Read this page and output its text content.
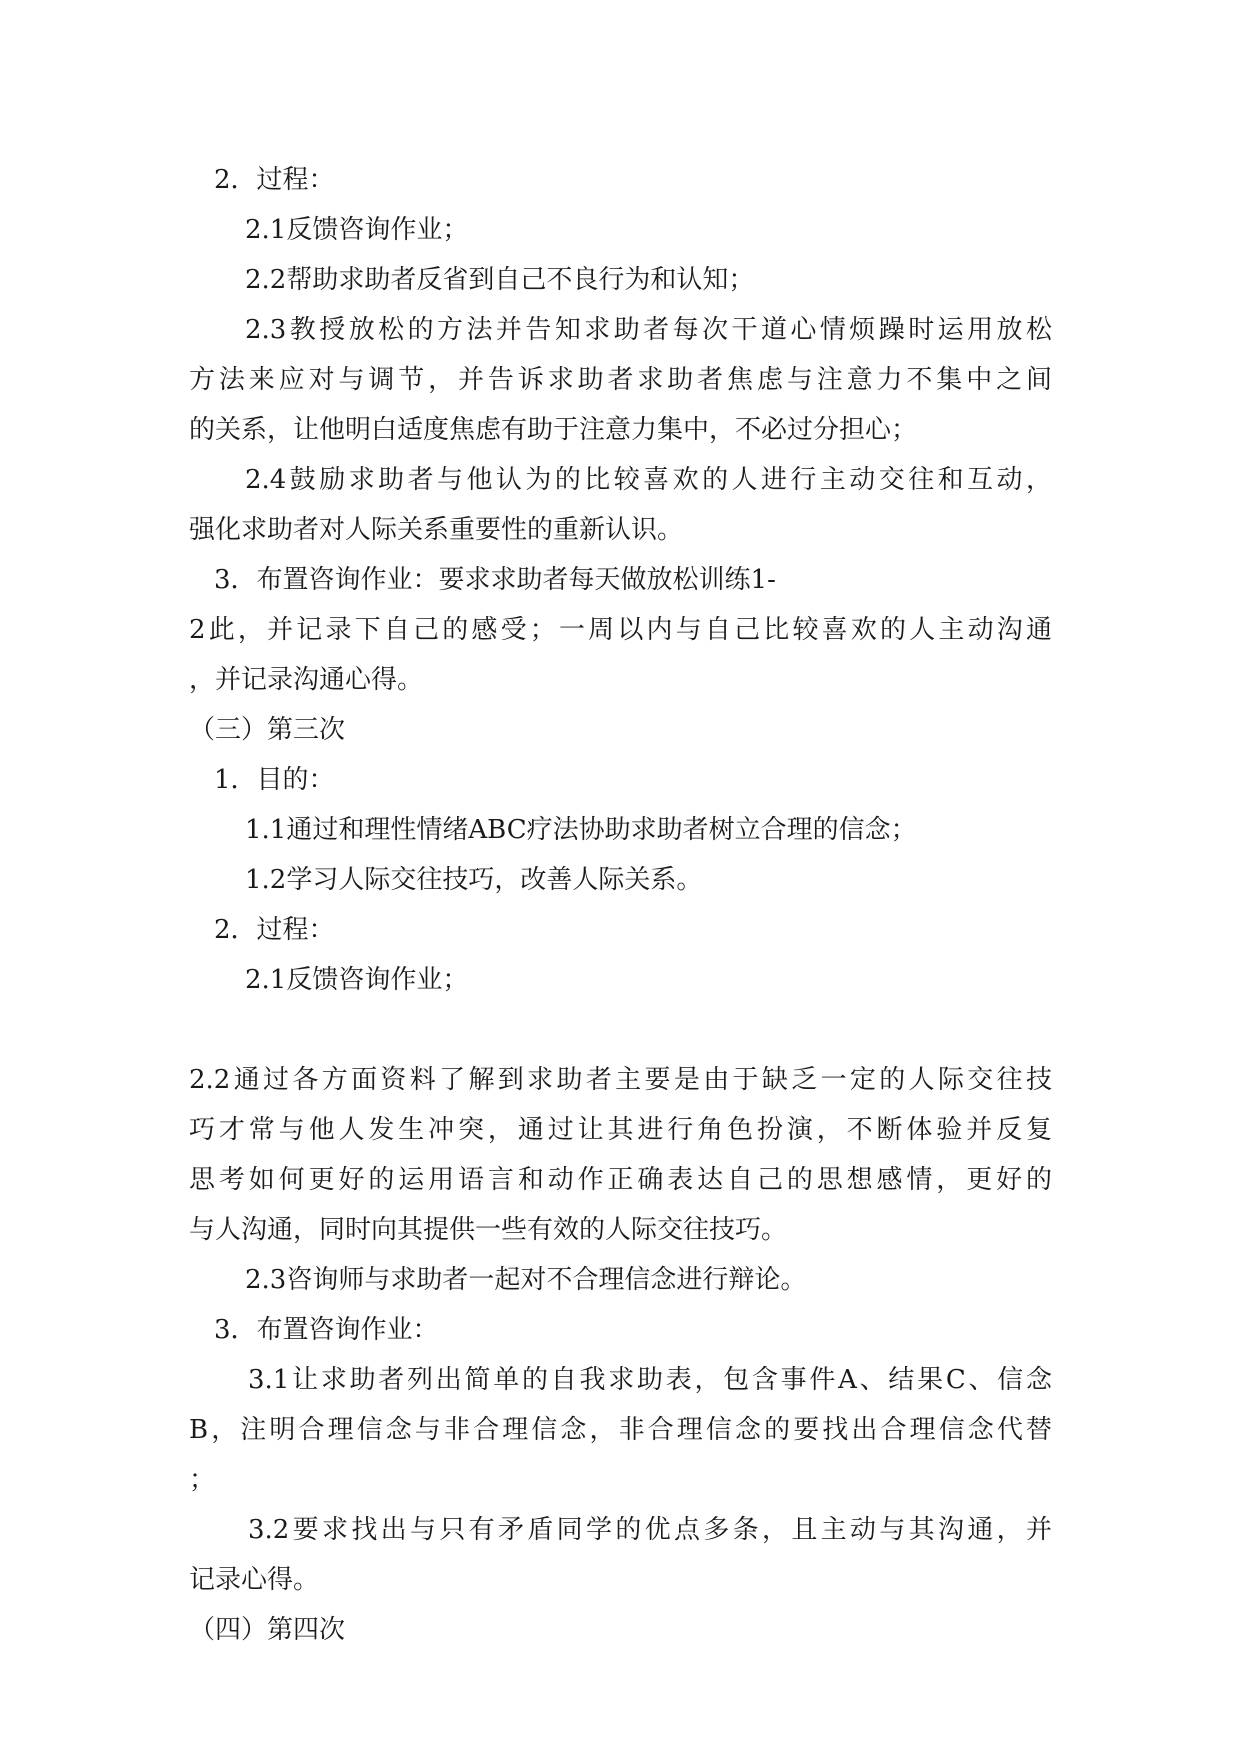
2．过程：
2.1反馈咨询作业；
2.2帮助求助者反省到自己不良行为和认知；
2.3教授放松的方法并告知求助者每次干道心情烦躁时运用放松
方法来应对与调节，并告诉求助者求助者焦虑与注意力不集中之间
的关系，让他明白适度焦虑有助于注意力集中，不必过分担心；
2.4鼓励求助者与他认为的比较喜欢的人进行主动交往和互动，
强化求助者对人际关系重要性的重新认识。
3．布置咨询作业：要求求助者每天做放松训练1-
2此，并记录下自己的感受；一周以内与自己比较喜欢的人主动沟通
，并记录沟通心得。
（三）第三次
1．目的：
1.1通过和理性情绪ABC疗法协助求助者树立合理的信念；
1.2学习人际交往技巧，改善人际关系。
2．过程：
2.1反馈咨询作业；
2.2通过各方面资料了解到求助者主要是由于缺乏一定的人际交往技
巧才常与他人发生冲突，通过让其进行角色扮演，不断体验并反复
思考如何更好的运用语言和动作正确表达自己的思想感情，更好的
与人沟通，同时向其提供一些有效的人际交往技巧。
2.3咨询师与求助者一起对不合理信念进行辩论。
3．布置咨询作业：
3.1让求助者列出简单的自我求助表，包含事件A、结果C、信念
B，注明合理信念与非合理信念，非合理信念的要找出合理信念代替
；
3.2要求找出与只有矛盾同学的优点多条，且主动与其沟通，并
记录心得。
（四）第四次
